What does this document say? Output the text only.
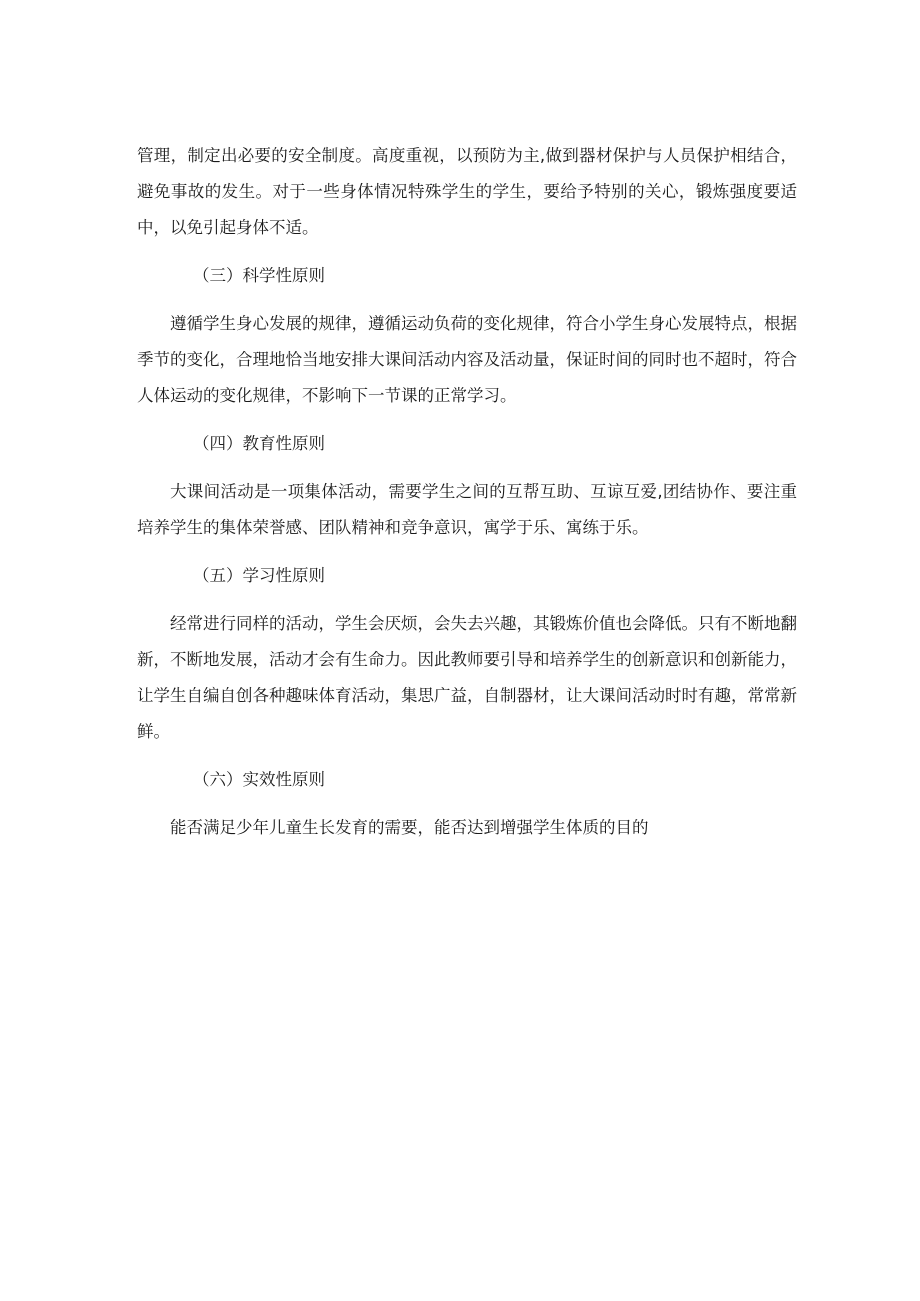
管理，制定出必要的安全制度。高度重视，以预防为主,做到器材保护与人员保护相结合，避免事故的发生。对于一些身体情况特殊学生的学生，要给予特别的关心，锻炼强度要适中，以免引起身体不适。

（三）科学性原则

遵循学生身心发展的规律，遵循运动负荷的变化规律，符合小学生身心发展特点，根据季节的变化，合理地恰当地安排大课间活动内容及活动量，保证时间的同时也不超时，符合人体运动的变化规律，不影响下一节课的正常学习。

（四）教育性原则

大课间活动是一项集体活动，需要学生之间的互帮互助、互谅互爱,团结协作、要注重培养学生的集体荣誉感、团队精神和竞争意识，寓学于乐、寓练于乐。

（五）学习性原则

经常进行同样的活动，学生会厌烦，会失去兴趣，其锻炼价值也会降低。只有不断地翻新，不断地发展，活动才会有生命力。因此教师要引导和培养学生的创新意识和创新能力，让学生自编自创各种趣味体育活动，集思广益，自制器材，让大课间活动时时有趣，常常新鲜。

（六）实效性原则

能否满足少年儿童生长发育的需要，能否达到增强学生体质的目的
